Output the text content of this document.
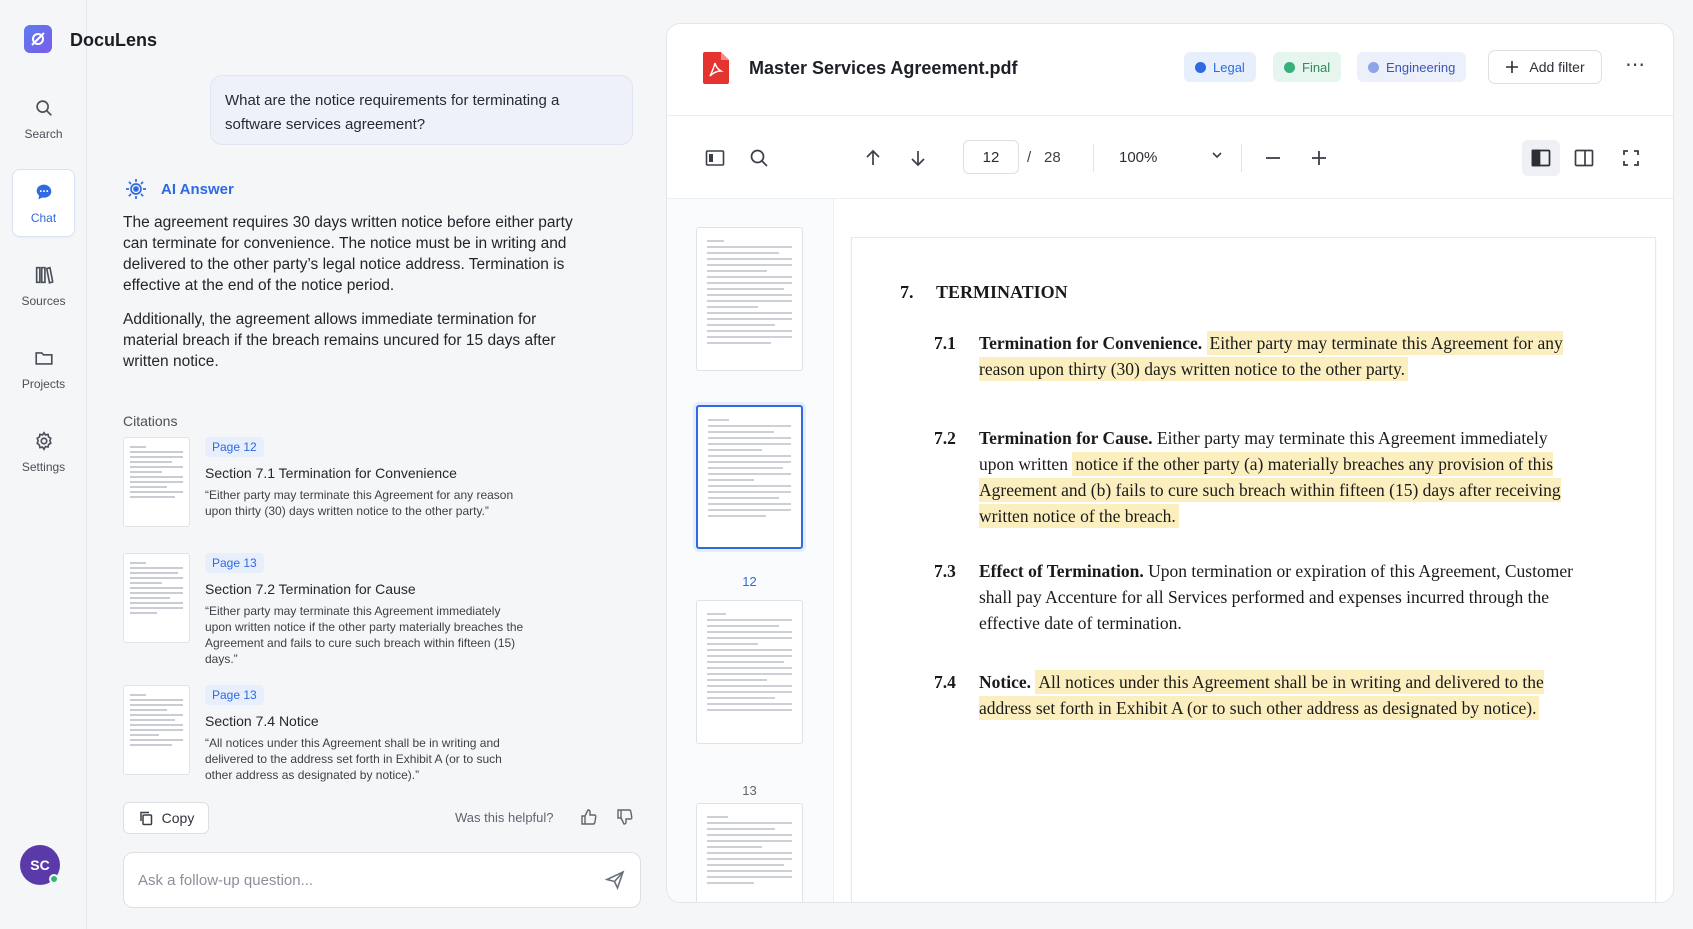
DocuLens
Search
Chat
Sources
Projects
Settings
SC
What are the notice requirements for terminating a software services agreement?
AI Answer

The agreement requires 30 days written notice before either party can terminate for convenience. The notice must be in writing and delivered to the other party’s legal notice address. Termination is effective at the end of the notice period.

Additionally, the agreement allows immediate termination for material breach if the breach remains uncured for 15 days after written notice.

Citations
Page 12
Section 7.1 Termination for Convenience
“Either party may terminate this Agreement for any reason upon thirty (30) days written notice to the other party.”
Page 13
Section 7.2 Termination for Cause
“Either party may terminate this Agreement immediately upon written notice if the other party materially breaches the Agreement and fails to cure such breach within fifteen (15) days.”
Page 13
Section 7.4 Notice
“All notices under this Agreement shall be in writing and delivered to the address set forth in Exhibit A (or to such other address as designated by notice).”
Copy	Was this helpful?
Ask a follow-up question...
Master Services Agreement.pdf	Legal	Final	Engineering	Add filter ⋯
12	/ 28	100%
12
13
7. TERMINATION
7.1 Termination for Convenience. Either party may terminate this Agreement for any reason upon thirty (30) days written notice to the other party.
7.2 Termination for Cause. Either party may terminate this Agreement immediately upon written notice if the other party (a) materially breaches any provision of this Agreement and (b) fails to cure such breach within fifteen (15) days after receiving written notice of the breach.
7.3 Effect of Termination. Upon termination or expiration of this Agreement, Customer shall pay Accenture for all Services performed and expenses incurred through the effective date of termination.
7.4 Notice. All notices under this Agreement shall be in writing and delivered to the address set forth in Exhibit A (or to such other address as designated by notice).
